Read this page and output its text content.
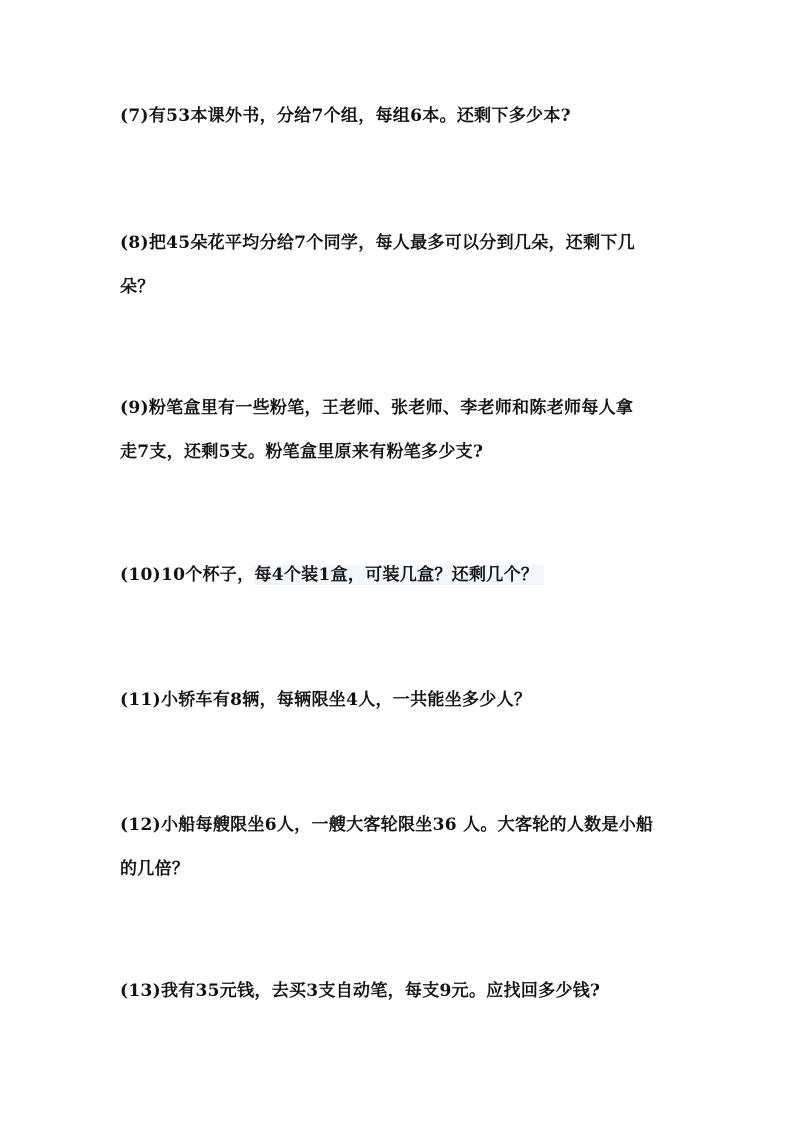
(7)有53本课外书，分给7个组，每组6本。还剩下多少本?
(8)把45朵花平均分给7个同学，每人最多可以分到几朵，还剩下几
朵？
(9)粉笔盒里有一些粉笔，王老师、张老师、李老师和陈老师每人拿
走7支，还剩5支。粉笔盒里原来有粉笔多少支?
(10)10个杯子，每4个装1盒，可装几盒？还剩几个？
(11)小轿车有8辆，每辆限坐4人，一共能坐多少人？
(12)小船每艘限坐6人，一艘大客轮限坐36 人。大客轮的人数是小船
的几倍？
(13)我有35元钱，去买3支自动笔，每支9元。应找回多少钱?
